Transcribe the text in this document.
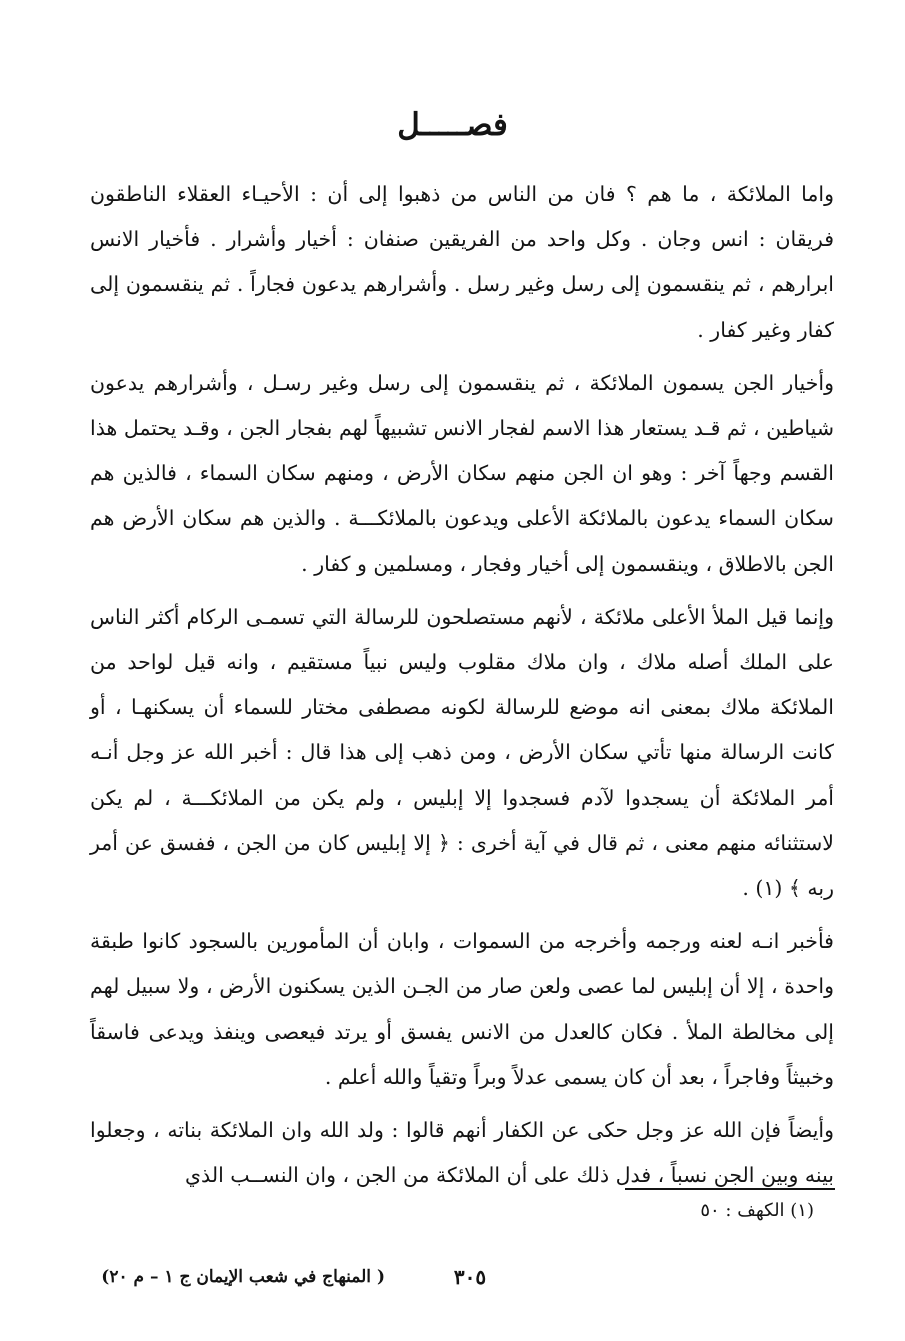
فصـــــل

واما الملائكة ، ما هم ؟ فان من الناس من ذهبوا إلى أن : الأحيـاء العقلاء الناطقون فريقان : انس وجان . وكل واحد من الفريقين صنفان : أخيار وأشرار . فأخيار الانس ابرارهم ، ثم ينقسمون إلى رسل وغير رسل . وأشرارهم يدعون فجاراً . ثم ينقسمون إلى كفار وغير كفار .

وأخيار الجن يسمون الملائكة ، ثم ينقسمون إلى رسل وغير رسـل ، وأشرارهم يدعون شياطين ، ثم قـد يستعار هذا الاسم لفجار الانس تشبيهاً لهم بفجار الجن ، وقـد يحتمل هذا القسم وجهاً آخر : وهو ان الجن منهم سكان الأرض ، ومنهم سكان السماء ، فالذين هم سكان السماء يدعون بالملائكة الأعلى ويدعون بالملائكـــة . والذين هم سكان الأرض هم الجن بالاطلاق ، وينقسمون إلى أخيار وفجار ، ومسلمين و كفار .

وإنما قيل الملأ الأعلى ملائكة ، لأنهم مستصلحون للرسالة التي تسمـى الركام أكثر الناس على الملك أصله ملاك ، وان ملاك مقلوب وليس نبياً مستقيم ، وانه قيل لواحد من الملائكة ملاك بمعنى انه موضع للرسالة لكونه مصطفى مختار للسماء أن يسكنهـا ، أو كانت الرسالة منها تأتي سكان الأرض ، ومن ذهب إلى هذا قال : أخبر الله عز وجل أنـه أمر الملائكة أن يسجدوا لآدم فسجدوا إلا إبليس ، ولم يكن من الملائكـــة ، لم يكن لاستثنائه منهم معنى ، ثم قال في آية أخرى : ﴿ إلا إبليس كان من الجن ، ففسق عن أمر ربه ﴾ (١) .

فأخبر انـه لعنه ورجمه وأخرجه من السموات ، وابان أن المأمورين بالسجود كانوا طبقة واحدة ، إلا أن إبليس لما عصى ولعن صار من الجـن الذين يسكنون الأرض ، ولا سبيل لهم إلى مخالطة الملأ . فكان كالعدل من الانس يفسق أو يرتد فيعصى وينفذ ويدعى فاسقاً وخبيثاً وفاجراً ، بعد أن كان يسمى عدلاً وبراً وتقياً والله أعلم .

وأيضاً فإن الله عز وجل حكى عن الكفار أنهم قالوا : ولد الله وان الملائكة بناته ، وجعلوا بينه وبين الجن نسباً ، فدل ذلك على أن الملائكة من الجن ، وان النســب الذي

(١) الكهف : ٥٠
٣٠٥
( المنهاج في شعب الإيمان ج ١ – م ٢٠)
